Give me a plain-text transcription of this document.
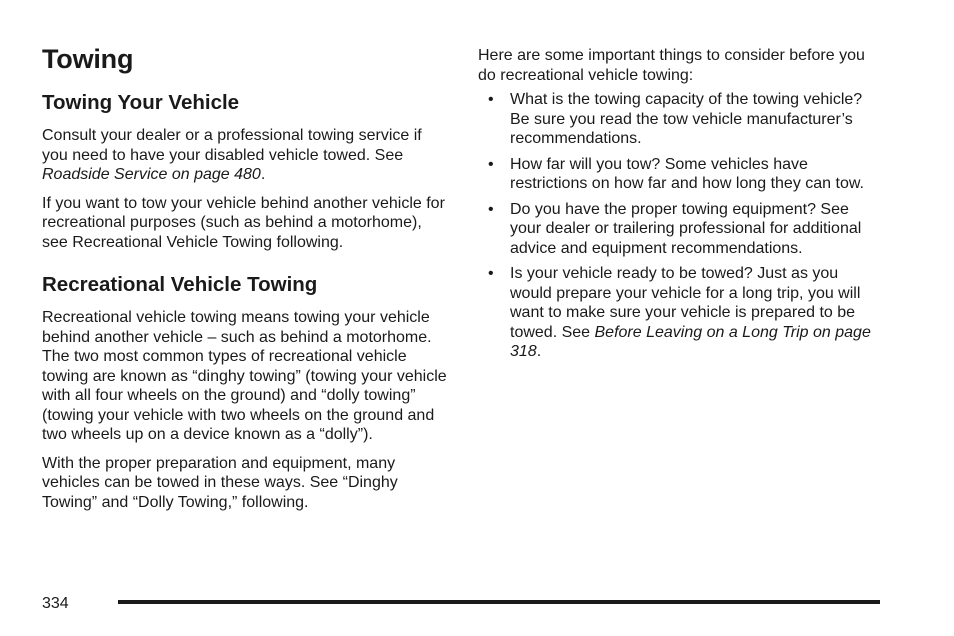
Towing
Towing Your Vehicle

Consult your dealer or a professional towing service if you need to have your disabled vehicle towed. See Roadside Service on page 480.

If you want to tow your vehicle behind another vehicle for recreational purposes (such as behind a motorhome), see Recreational Vehicle Towing following.

Recreational Vehicle Towing

Recreational vehicle towing means towing your vehicle behind another vehicle – such as behind a motorhome. The two most common types of recreational vehicle towing are known as “dinghy towing” (towing your vehicle with all four wheels on the ground) and “dolly towing” (towing your vehicle with two wheels on the ground and two wheels up on a device known as a “dolly”).

With the proper preparation and equipment, many vehicles can be towed in these ways. See “Dinghy Towing” and “Dolly Towing,” following.

Here are some important things to consider before you do recreational vehicle towing:

• What is the towing capacity of the towing vehicle? Be sure you read the tow vehicle manufacturer’s recommendations.
• How far will you tow? Some vehicles have restrictions on how far and how long they can tow.
• Do you have the proper towing equipment? See your dealer or trailering professional for additional advice and equipment recommendations.
• Is your vehicle ready to be towed? Just as you would prepare your vehicle for a long trip, you will want to make sure your vehicle is prepared to be towed. See Before Leaving on a Long Trip on page 318.
334
